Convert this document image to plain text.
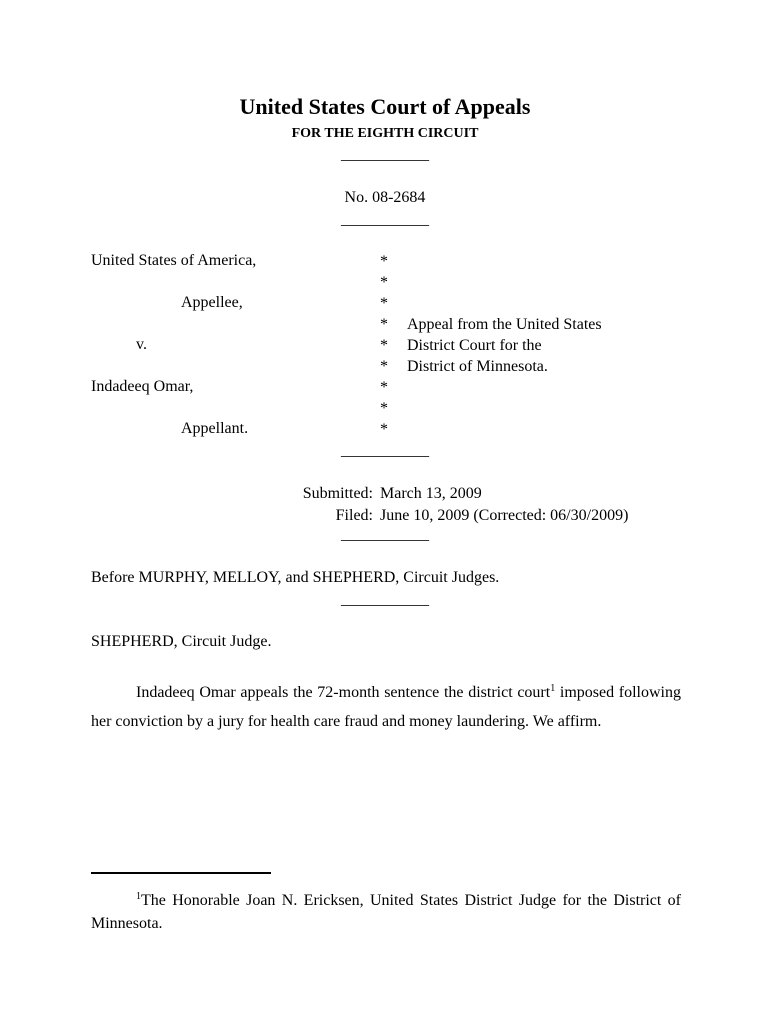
United States Court of Appeals
FOR THE EIGHTH CIRCUIT
___________
No. 08-2684
___________
United States of America,
Appellee,
v.
Indadeeq Omar,
Appellant.
*
*
*
*
*
*
*
*
*
Appeal from the United States
District Court for the
District of Minnesota.
___________
Submitted: March 13, 2009
Filed: June 10, 2009 (Corrected: 06/30/2009)
___________
Before MURPHY, MELLOY, and SHEPHERD, Circuit Judges.
___________
SHEPHERD, Circuit Judge.
Indadeeq Omar appeals the 72-month sentence the district court$^1$ imposed following her conviction by a jury for health care fraud and money laundering. We affirm.
$^1$The Honorable Joan N. Ericksen, United States District Judge for the District of Minnesota.
